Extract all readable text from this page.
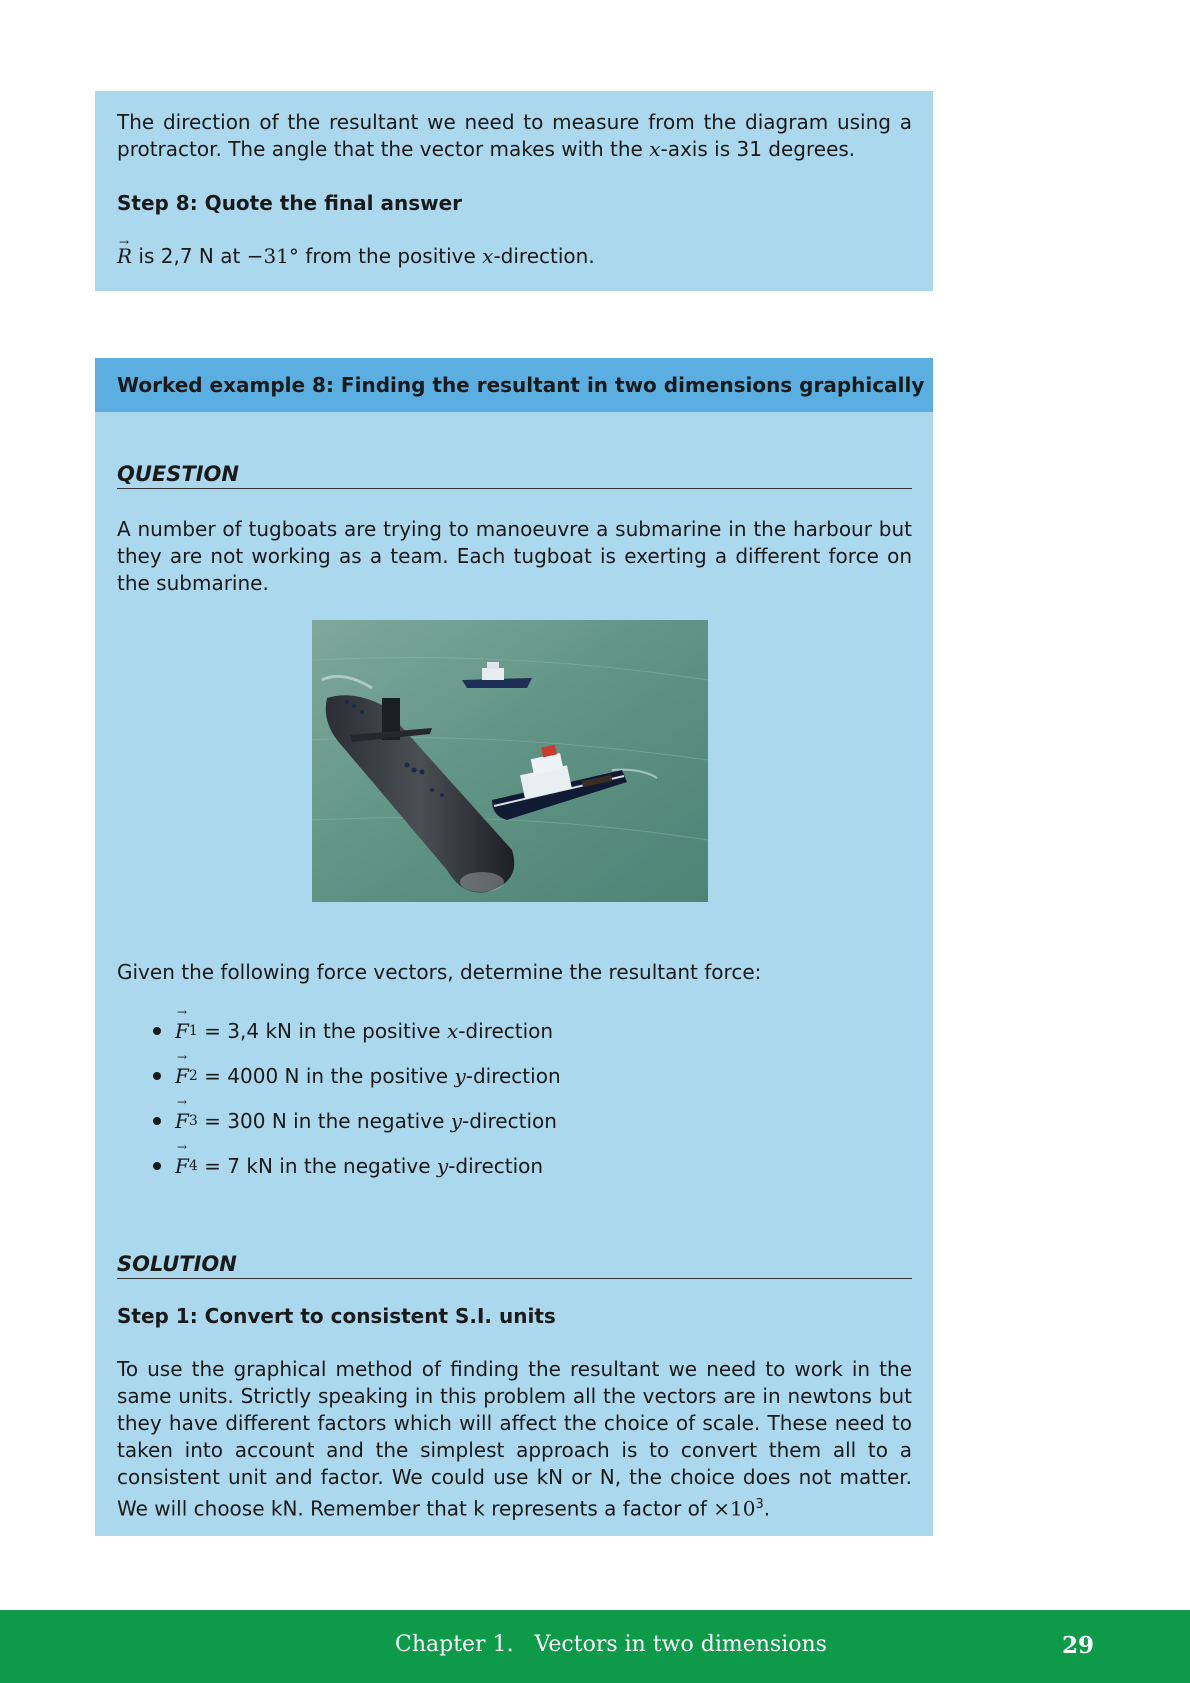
The direction of the resultant we need to measure from the diagram using a protractor. The angle that the vector makes with the x-axis is 31 degrees.

Step 8: Quote the final answer

→ R is 2,7 N at −31° from the positive x-direction.

Worked example 8: Finding the resultant in two dimensions graphically

QUESTION

A number of tugboats are trying to manoeuvre a submarine in the harbour but they are not working as a team. Each tugboat is exerting a different force on the submarine.

Given the following force vectors, determine the resultant force:

→ F 1 = 3,4 kN in the positive x -direction
→ F 2 = 4000 N in the positive y -direction
→ F 3 = 300 N in the negative y -direction
→ F 4 = 7 kN in the negative y -direction

SOLUTION

Step 1: Convert to consistent S.I. units

To use the graphical method of finding the resultant we need to work in the same units. Strictly speaking in this problem all the vectors are in newtons but they have different factors which will affect the choice of scale. These need to taken into account and the simplest approach is to convert them all to a consistent unit and factor. We could use kN or N, the choice does not matter. We will choose kN. Remember that k represents a factor of $\times 10^3$.

Chapter 1.   Vectors in two dimensions	29
